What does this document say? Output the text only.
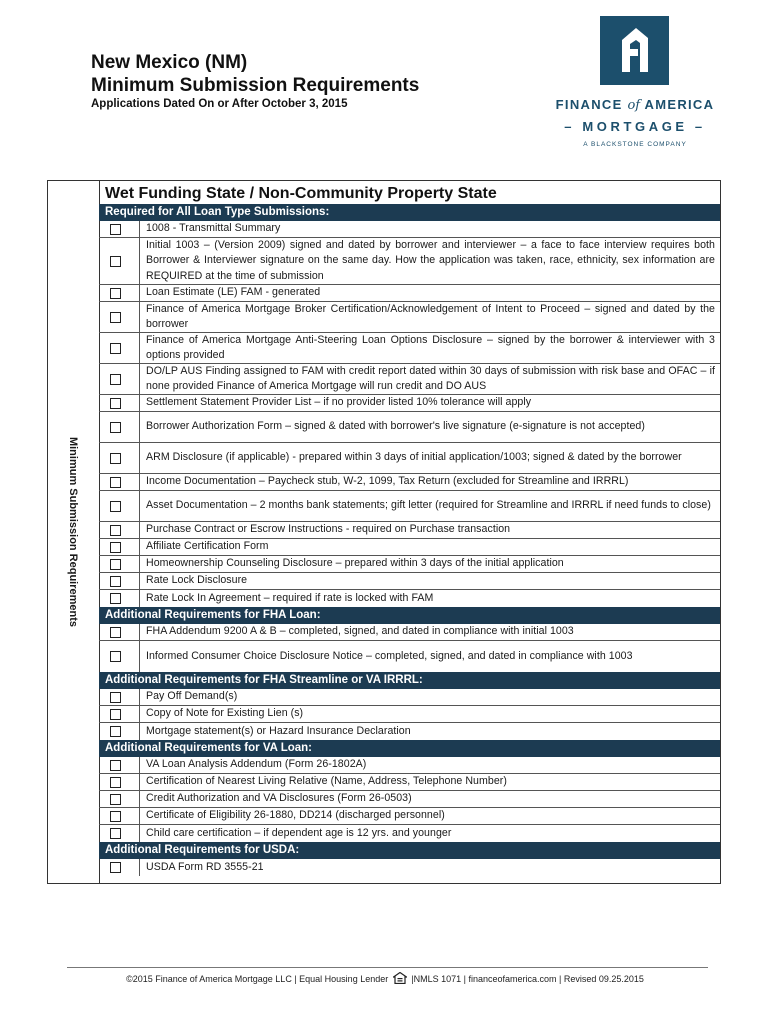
New Mexico (NM)
Minimum Submission Requirements
Applications Dated On or After October 3, 2015	FINANCE of AMERICA
– MORTGAGE –
A BLACKSTONE COMPANY
Minimum Submission Requirements
Wet Funding State / Non-Community Property State
Required for All Loan Type Submissions:
1008 - Transmittal Summary
Initial 1003 – (Version 2009) signed and dated by borrower and interviewer – a face to face interview requires both Borrower & Interviewer signature on the same day. How the application was taken, race, ethnicity, sex information are REQUIRED at the time of submission
Loan Estimate (LE) FAM - generated
Finance of America Mortgage Broker Certification/Acknowledgement of Intent to Proceed – signed and dated by the borrower
Finance of America Mortgage Anti-Steering Loan Options Disclosure – signed by the borrower & interviewer with 3 options provided
DO/LP AUS Finding assigned to FAM with credit report dated within 30 days of submission with risk base and OFAC – if none provided Finance of America Mortgage will run credit and DO AUS
Settlement Statement Provider List – if no provider listed 10% tolerance will apply
Borrower Authorization Form – signed & dated with borrower's live signature (e-signature is not accepted)
ARM Disclosure (if applicable) - prepared within 3 days of initial application/1003; signed & dated by the borrower
Income Documentation – Paycheck stub, W-2, 1099, Tax Return (excluded for Streamline and IRRRL)
Asset Documentation – 2 months bank statements; gift letter (required for Streamline and IRRRL if need funds to close)
Purchase Contract or Escrow Instructions - required on Purchase transaction
Affiliate Certification Form
Homeownership Counseling Disclosure – prepared within 3 days of the initial application
Rate Lock Disclosure
Rate Lock In Agreement – required if rate is locked with FAM
Additional Requirements for FHA Loan:
FHA Addendum 9200 A & B – completed, signed, and dated in compliance with initial 1003
Informed Consumer Choice Disclosure Notice – completed, signed, and dated in compliance with 1003
Additional Requirements for FHA Streamline or VA IRRRL:
Pay Off Demand(s)
Copy of Note for Existing Lien (s)
Mortgage statement(s) or Hazard Insurance Declaration
Additional Requirements for VA Loan:
VA Loan Analysis Addendum (Form 26-1802A)
Certification of Nearest Living Relative (Name, Address, Telephone Number)
Credit Authorization and VA Disclosures (Form 26-0503)
Certificate of Eligibility 26-1880, DD214 (discharged personnel)
Child care certification – if dependent age is 12 yrs. and younger
Additional Requirements for USDA:
USDA Form RD 3555-21
©2015 Finance of America Mortgage LLC | Equal Housing Lender	|NMLS 1071 | financeofamerica.com | Revised 09.25.2015
